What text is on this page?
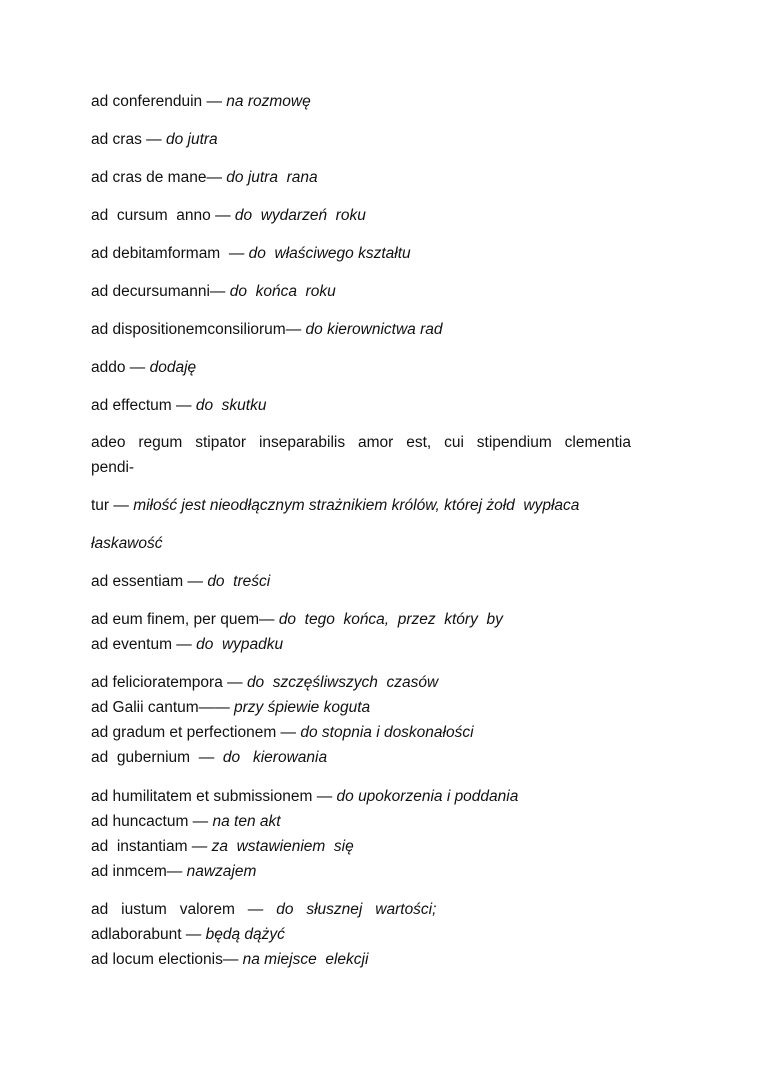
ad conferenduin — na rozmowę
ad cras — do jutra
ad cras de mane— do jutra  rana
ad  cursum  anno — do  wydarzeń  roku
ad debitamformam  — do  właściwego kształtu
ad decursumanni— do  końca  roku
ad dispositionemconsiliorum— do kierownictwa rad
addo — dodaję
ad effectum — do  skutku
adeo regum stipator inseparabilis amor est, cui stipendium clementia
pendi-
tur — miłość jest nieodłącznym strażnikiem królów, której żołd  wypłaca
łaskawość
ad essentiam — do  treści
ad eum finem, per quem— do  tego  końca,  przez  który  by
ad eventum — do  wypadku
ad felicioratempora — do  szczęśliwszych  czasów
ad Galii cantum—— przy śpiewie koguta
ad gradum et perfectionem — do stopnia i doskonałości
ad  gubernium  —  do   kierowania
ad humilitatem et submissionem — do upokorzenia i poddania
ad huncactum — na ten akt
ad  instantiam — za  wstawieniem  się
ad inmcem— nawzajem
ad   iustum   valorem   —   do   słusznej   wartości;
adlaborabunt — będą dążyć
ad locum electionis— na miejsce  elekcji
